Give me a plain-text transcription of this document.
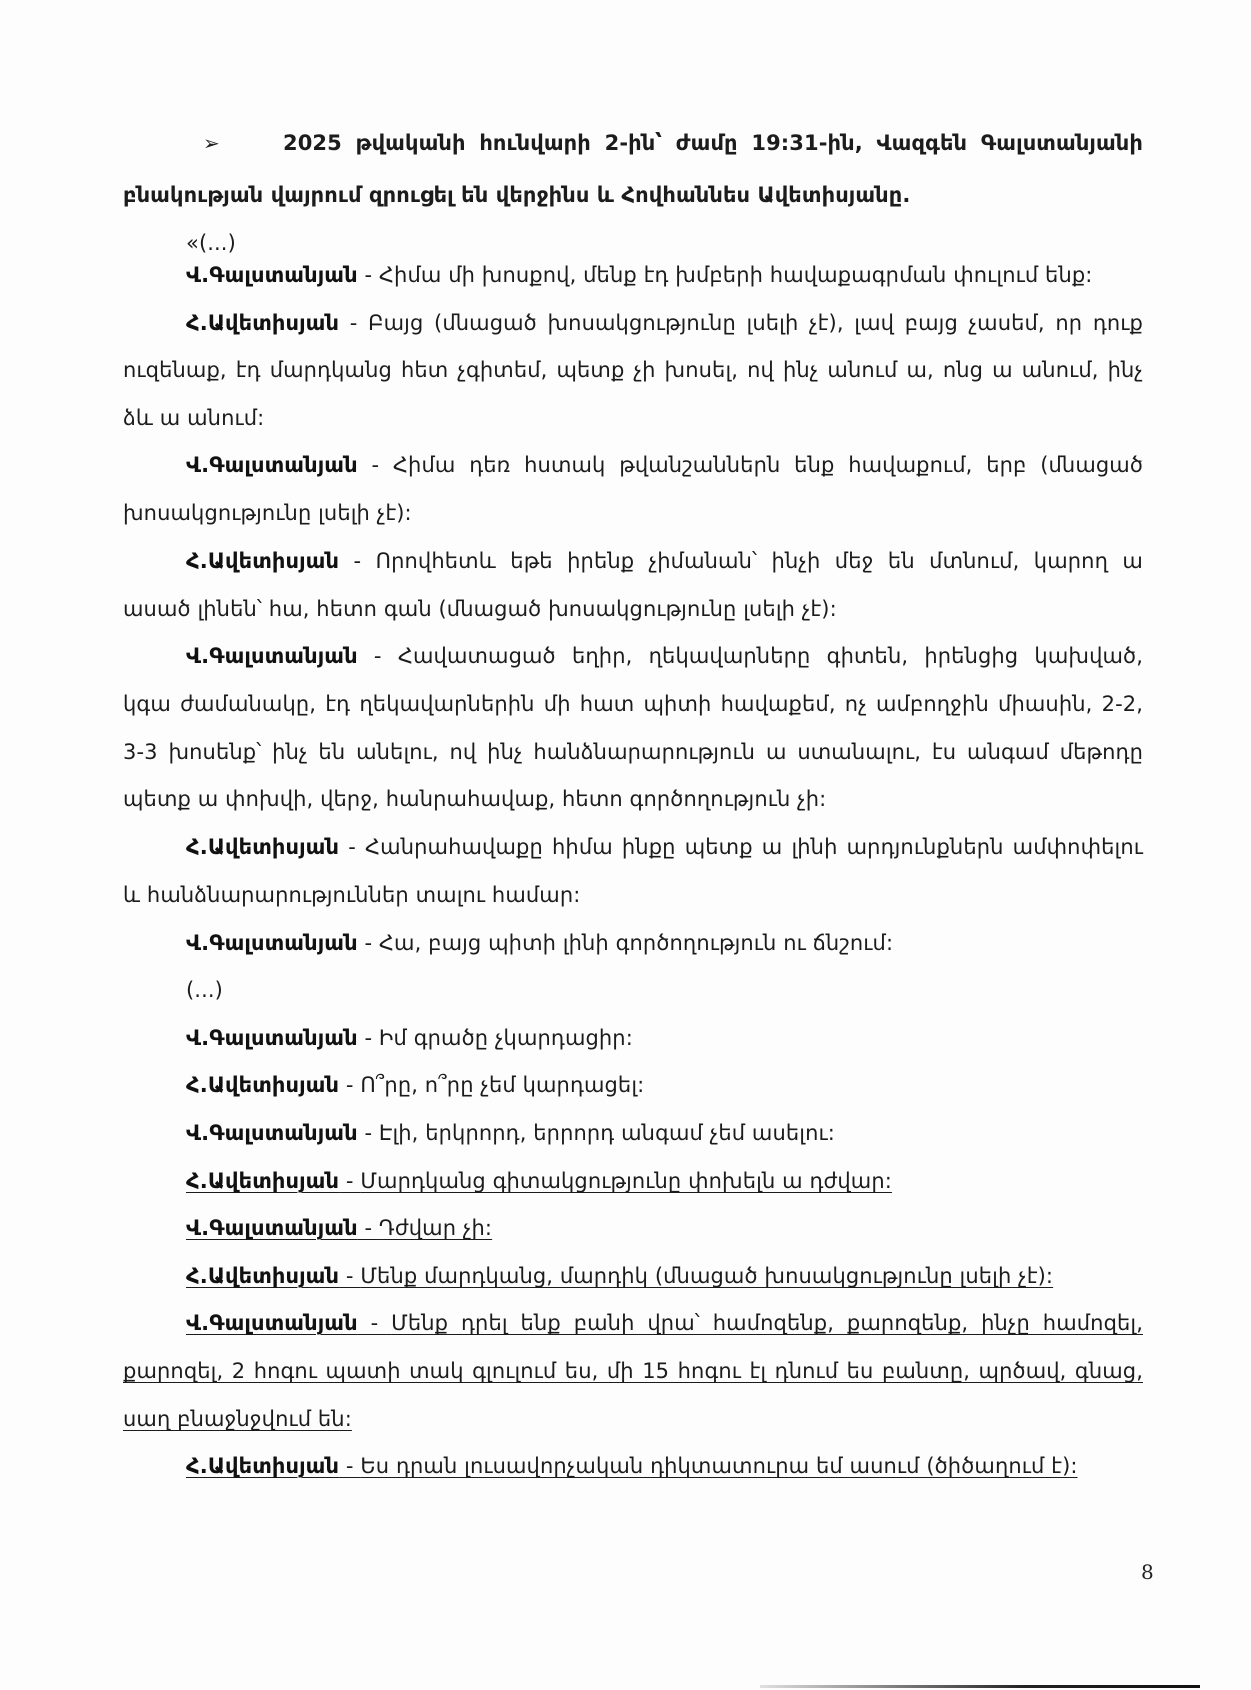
➢	2025 թվականի հունվարի 2-ին՝ ժամը 19:31-ին, Վազգեն Գալստանյանի
բնակության վայրում զրուցել են վերջինս և Հովհաննես Ավետիսյանը.
«(...)
Վ.Գալստանյան - Հիմա մի խոսքով, մենք էդ խմբերի հավաքագրման փուլում ենք:
Հ.Ավետիսյան - Բայց (մնացած խոսակցությունը լսելի չէ), լավ բայց չասեմ, որ դուք
ուզենաք, էդ մարդկանց հետ չգիտեմ, պետք չի խոսել, ով ինչ անում ա, ոնց ա անում, ինչ
ձև ա անում:
Վ.Գալստանյան - Հիմա դեռ հստակ թվանշաններն ենք հավաքում, երբ (մնացած
խոսակցությունը լսելի չէ):
Հ.Ավետիսյան - Որովհետև եթե իրենք չիմանան՝ ինչի մեջ են մտնում, կարող ա
ասած լինեն՝ հա, հետո գան (մնացած խոսակցությունը լսելի չէ):
Վ.Գալստանյան - Հավատացած եղիր, ղեկավարները գիտեն, իրենցից կախված,
կգա ժամանակը, էդ ղեկավարներին մի հատ պիտի հավաքեմ, ոչ ամբողջին միասին, 2-2,
3-3 խոսենք՝ ինչ են անելու, ով ինչ հանձնարարություն ա ստանալու, էս անգամ մեթոդը
պետք ա փոխվի, վերջ, հանրահավաք, հետո գործողություն չի:
Հ.Ավետիսյան - Հանրահավաքը հիմա ինքը պետք ա լինի արդյունքներն ամփոփելու
և հանձնարարություններ տալու համար:
Վ.Գալստանյան - Հա, բայց պիտի լինի գործողություն ու ճնշում:
(...)
Վ.Գալստանյան - Իմ գրածը չկարդացիր:
Հ.Ավետիսյան - Ո՞րը, ո՞րը չեմ կարդացել:
Վ.Գալստանյան - Էլի, երկրորդ, երրորդ անգամ չեմ ասելու:
Հ.Ավետիսյան - Մարդկանց գիտակցությունը փոխելն ա դժվար:
Վ.Գալստանյան - Դժվար չի:
Հ.Ավետիսյան - Մենք մարդկանց, մարդիկ (մնացած խոսակցությունը լսելի չէ):
Վ.Գալստանյան - Մենք դրել ենք բանի վրա՝ համոզենք, քարոզենք, ինչը համոզել,
քարոզել, 2 հոգու պատի տակ գլուլում ես, մի 15 հոգու էլ դնում ես բանտը, պրծավ, գնաց,
սաղ բնաջնջվում են:
Հ.Ավետիսյան - Ես դրան լուսավորչական դիկտատուրա եմ ասում (ծիծաղում է):
8
